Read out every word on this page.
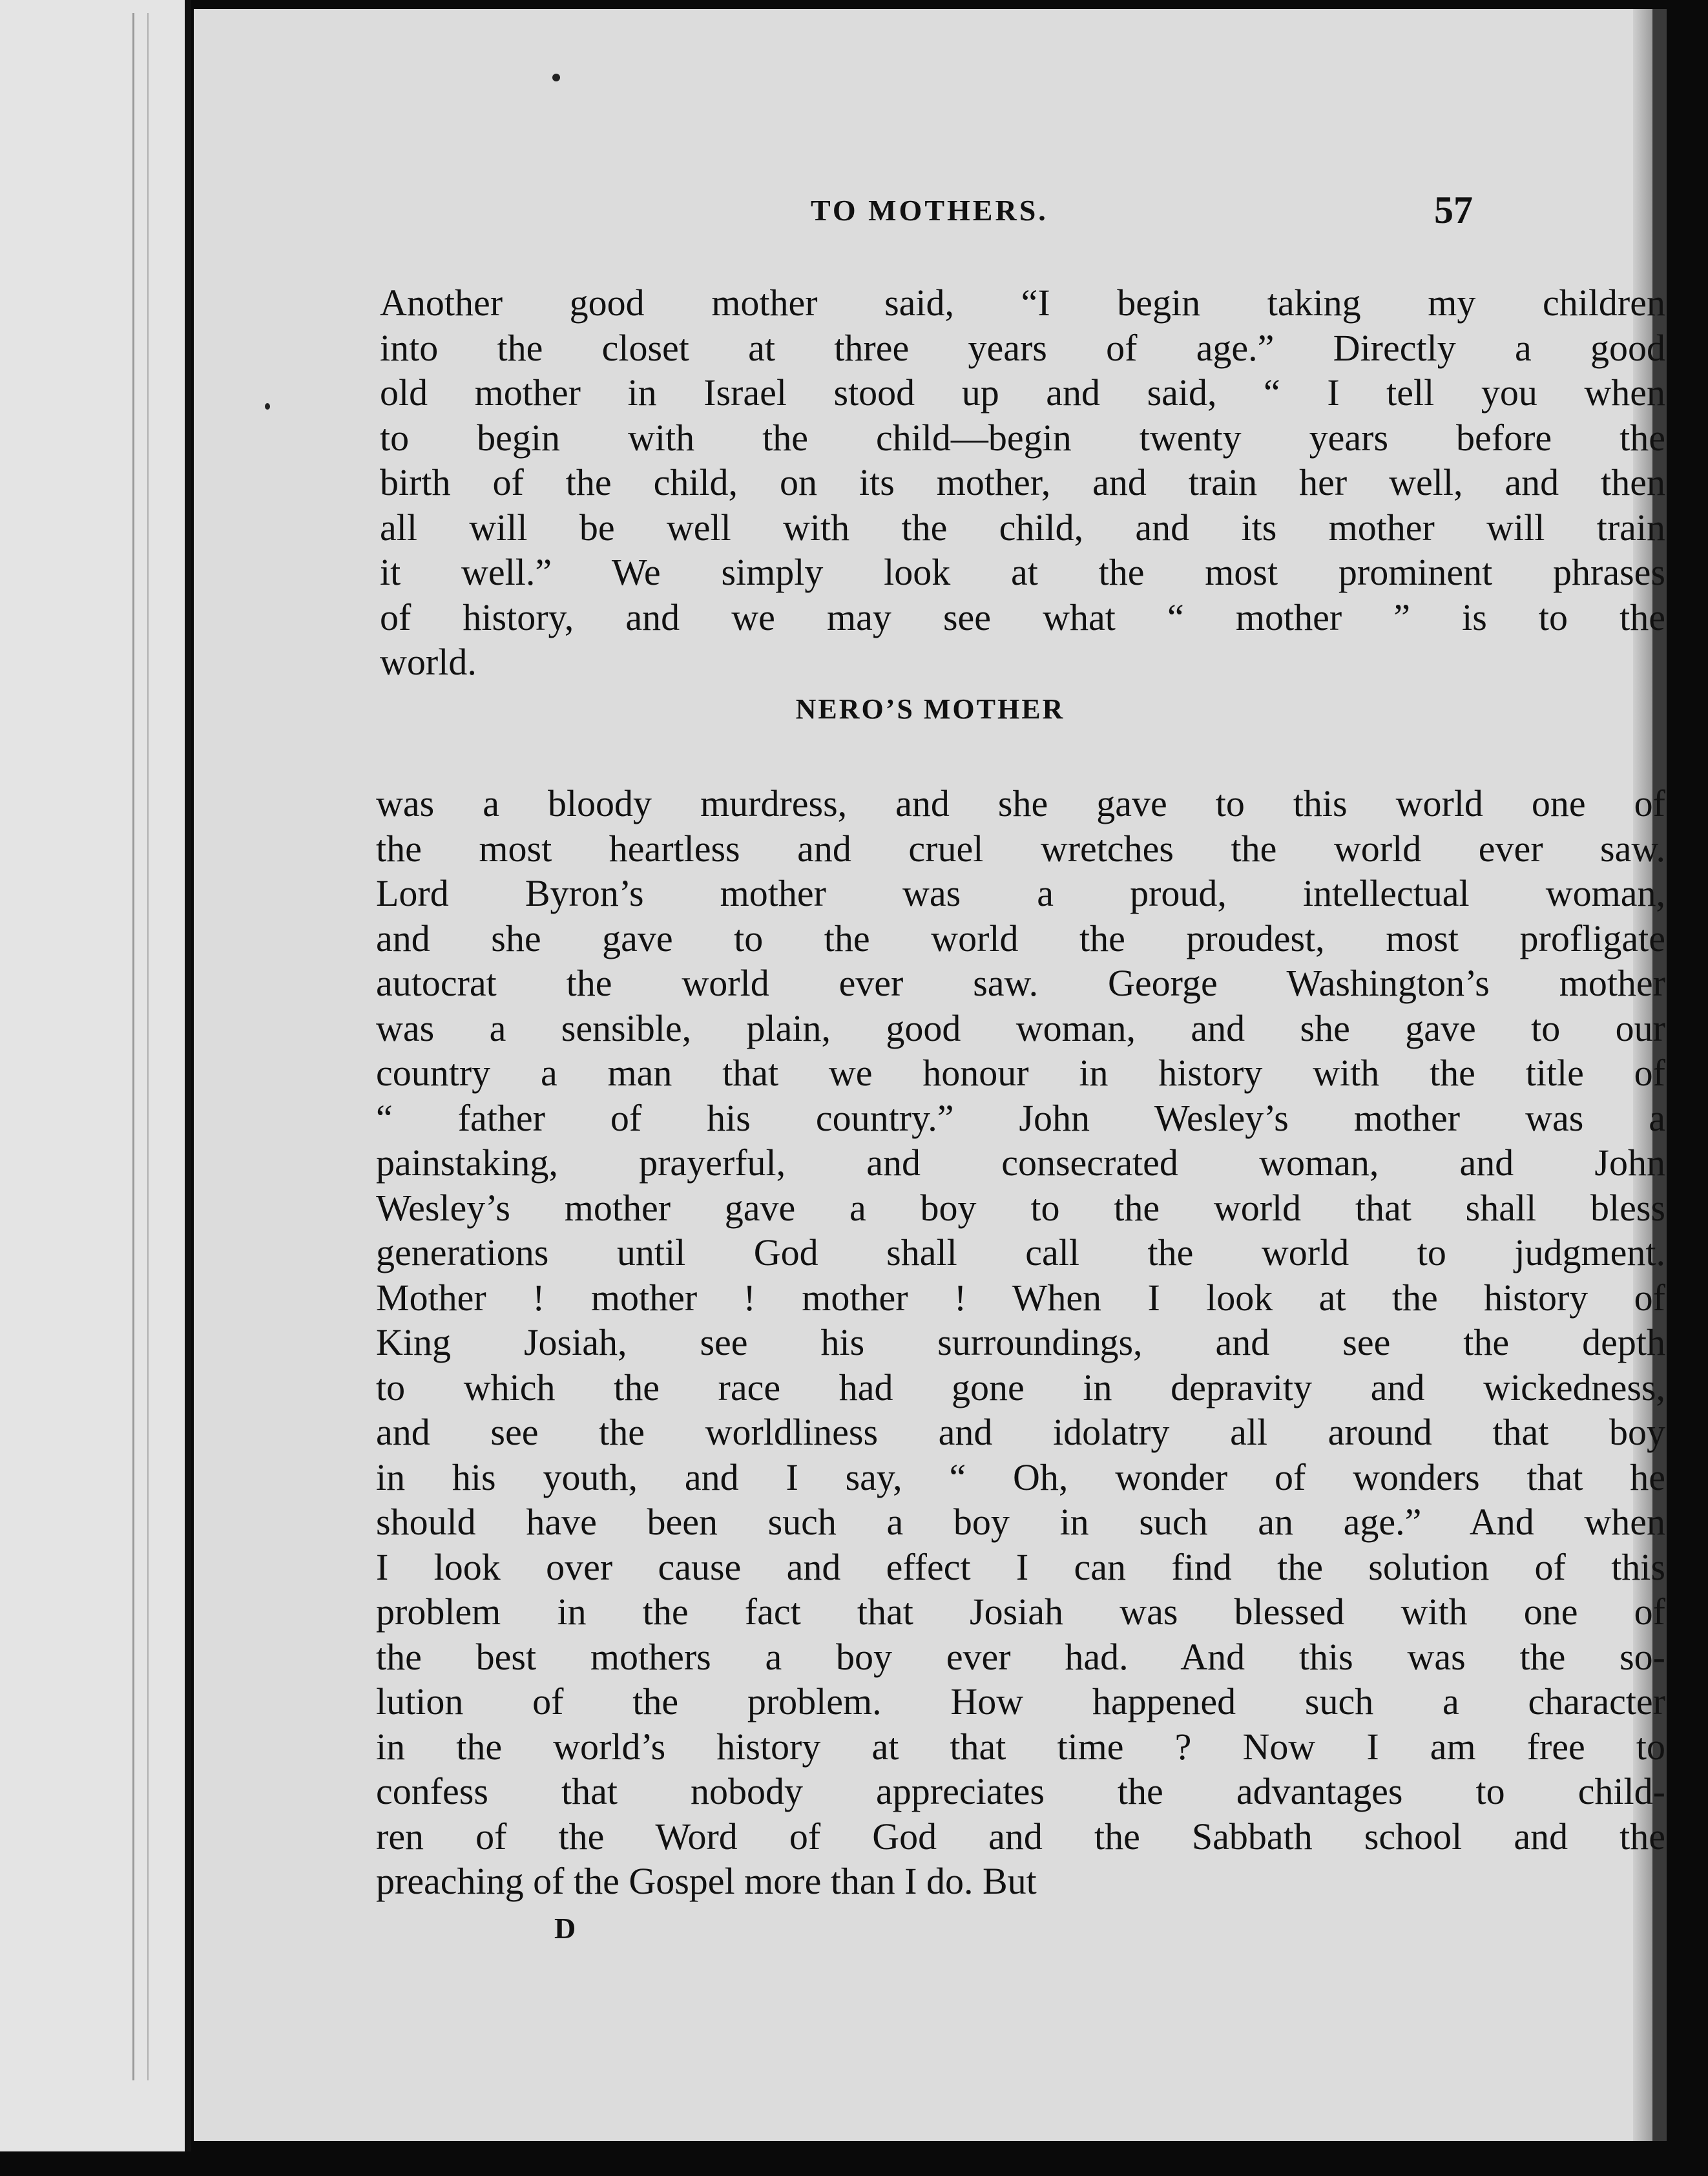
TO MOTHERS.	57
Another good mother said, “I begin taking my children
into the closet at three years of age.” Directly a good
old mother in Israel stood up and said, “ I tell you when
to begin with the child—begin twenty years before the
birth of the child, on its mother, and train her well, and then
all will be well with the child, and its mother will train
it well.” We simply look at the most prominent phrases
of history, and we may see what “ mother ” is to the
world.
NERO’S MOTHER
was a bloody murdress, and she gave to this world one of
the most heartless and cruel wretches the world ever saw.
Lord Byron’s mother was a proud, intellectual woman,
and she gave to the world the proudest, most profligate
autocrat the world ever saw. George Washington’s mother
was a sensible, plain, good woman, and she gave to our
country a man that we honour in history with the title of
“ father of his country.” John Wesley’s mother was a
painstaking, prayerful, and consecrated woman, and John
Wesley’s mother gave a boy to the world that shall bless
generations until God shall call the world to judgment.
Mother ! mother ! mother ! When I look at the history of
King Josiah, see his surroundings, and see the depth
to which the race had gone in depravity and wickedness,
and see the worldliness and idolatry all around that boy
in his youth, and I say, “ Oh, wonder of wonders that he
should have been such a boy in such an age.” And when
I look over cause and effect I can find the solution of this
problem in the fact that Josiah was blessed with one of
the best mothers a boy ever had. And this was the so-
lution of the problem. How happened such a character
in the world’s history at that time ? Now I am free to
confess that nobody appreciates the advantages to child-
ren of the Word of God and the Sabbath school and the
preaching of the Gospel more than I do. But
D
